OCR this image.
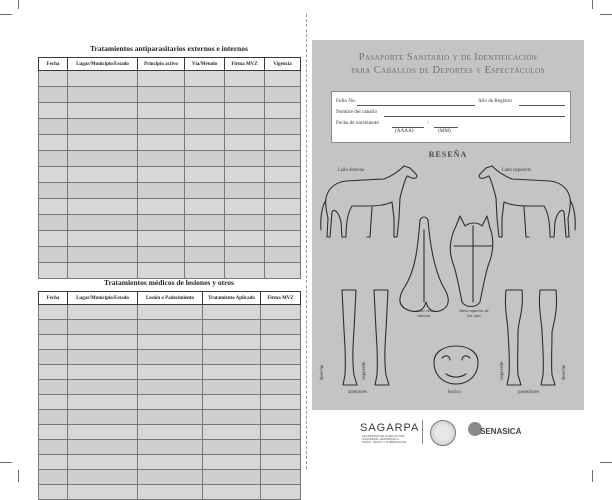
Tratamientos antiparasitarios externos e internos
Fecha	Lugar/Municipio/Estado	Principio activo	Vía/Método	Firma MVZ	Vigencia

Tratamientos médicos de lesiones y otros
Fecha	Lugar/Municipio/Estado	Lesión o Padecimiento	Tratamiento Aplicado	Firma MVZ

Pasaporte Sanitario y de Identificación
para Caballos de Deportes y Espectáculos
Folio No.	Año de Registro
Nombre del caballo
Fecha de nacimiento	/
(AAAA)	(MM)
RESEÑA
Lado derecho	Lado izquierdo
cuello vista inferior
línea superior de los ojos
derecho	izquierdo	izquierdo	derecho
anteriores	bocico	posteriores
SAGARPA
SECRETARÍA DE AGRICULTURA, GANADERÍA, DESARROLLO RURAL, PESCA Y ALIMENTACIÓN
SENASICA
